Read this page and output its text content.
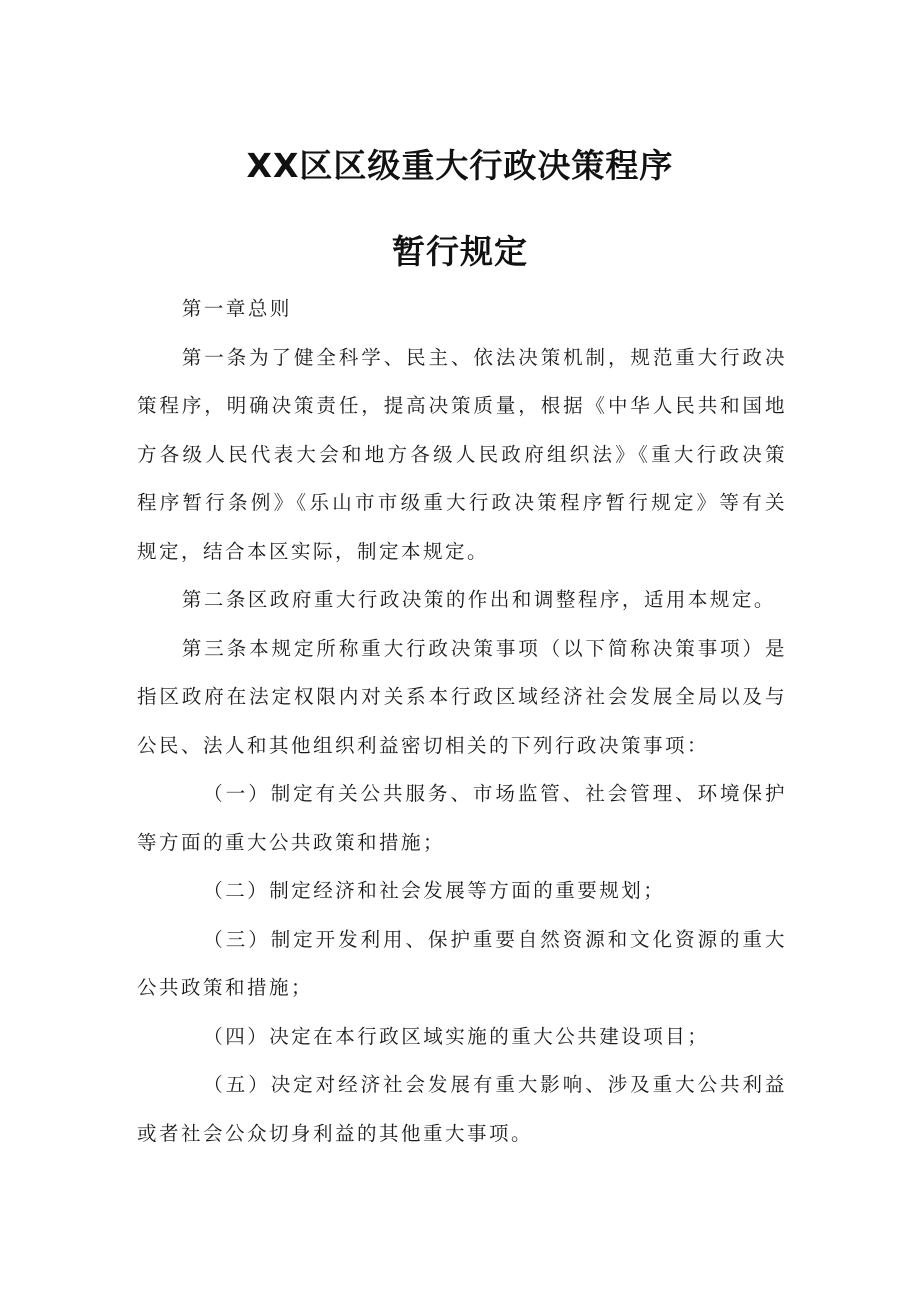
XX区区级重大行政决策程序
暂行规定

第一章总则

第一条为了健全科学、民主、依法决策机制，规范重大行政决策程序，明确决策责任，提高决策质量，根据《中华人民共和国地方各级人民代表大会和地方各级人民政府组织法》《重大行政决策程序暂行条例》《乐山市市级重大行政决策程序暂行规定》等有关规定，结合本区实际，制定本规定。

第二条区政府重大行政决策的作出和调整程序，适用本规定。

第三条本规定所称重大行政决策事项（以下简称决策事项）是指区政府在法定权限内对关系本行政区域经济社会发展全局以及与公民、法人和其他组织利益密切相关的下列行政决策事项：

（一）制定有关公共服务、市场监管、社会管理、环境保护等方面的重大公共政策和措施；

（二）制定经济和社会发展等方面的重要规划；

（三）制定开发利用、保护重要自然资源和文化资源的重大公共政策和措施；

（四）决定在本行政区域实施的重大公共建设项目；

（五）决定对经济社会发展有重大影响、涉及重大公共利益或者社会公众切身利益的其他重大事项。
